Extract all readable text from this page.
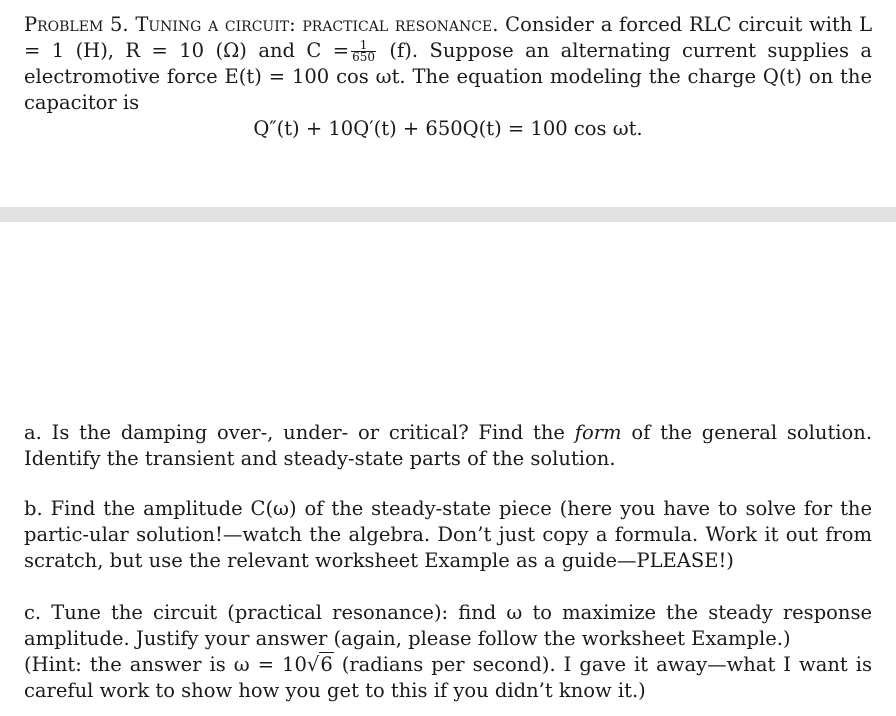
Problem 5. Tuning a circuit: practical resonance. Consider a forced RLC circuit with L = 1 (H), R = 10 (Ω) and $C = \frac{1}{650} (f)$. Suppose an alternating current supplies a electromotive force E(t) = 100 cos ωt. The equation modeling the charge Q(t) on the capacitor is
Q″(t) + 10Q′(t) + 650Q(t) = 100 cos ωt.
a. Is the damping over-, under- or critical? Find the form of the general solution. Identify the transient and steady-state parts of the solution.
b. Find the amplitude C(ω) of the steady-state piece (here you have to solve for the partic-ular solution!—watch the algebra. Don’t just copy a formula. Work it out from scratch, but use the relevant worksheet Example as a guide—PLEASE!)
c. Tune the circuit (practical resonance): find ω to maximize the steady response amplitude. Justify your answer (again, please follow the worksheet Example.)
(Hint: the answer is ω = 10√6 (radians per second). I gave it away—what I want is careful work to show how you get to this if you didn’t know it.)
